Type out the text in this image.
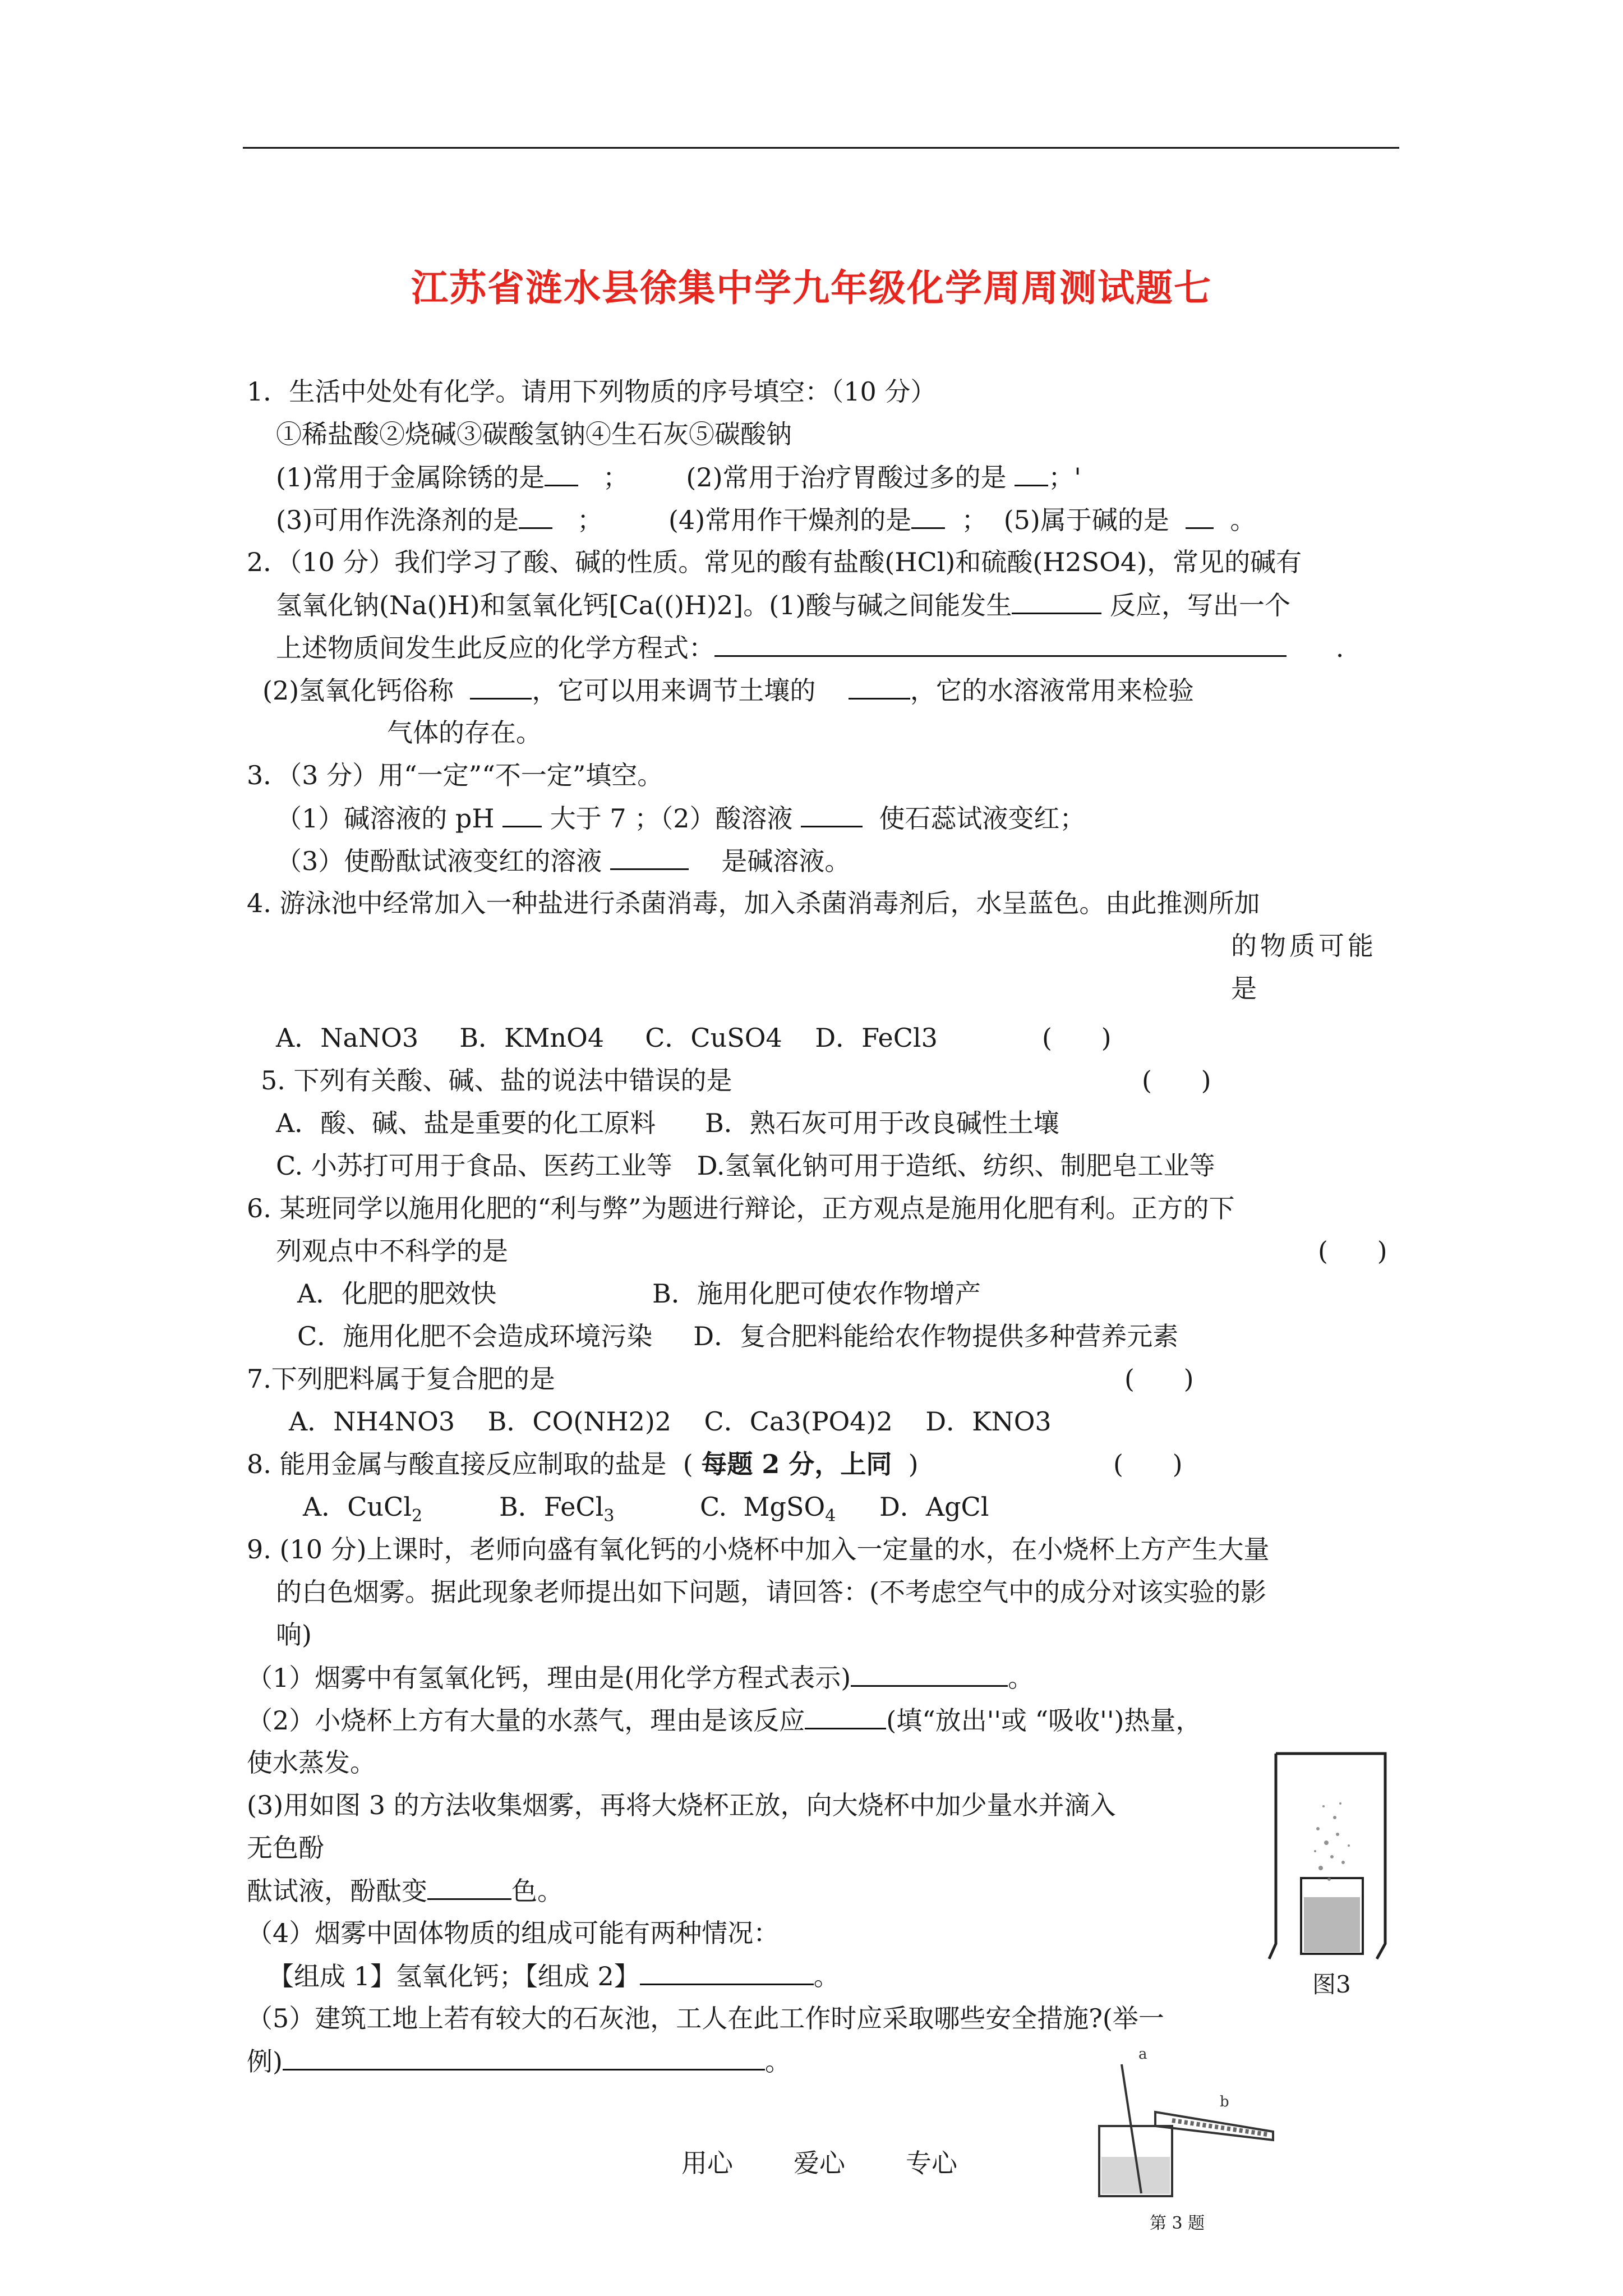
江苏省涟水县徐集中学九年级化学周周测试题七
1．生活中处处有化学。请用下列物质的序号填空：（10 分）
①稀盐酸②烧碱③碳酸氢钠④生石灰⑤碳酸钠
(1)常用于金属除锈的是 ； (2)常用于治疗胃酸过多的是 ；'
(3)可用作洗涤剂的是 ；	(4)常用作干燥剂的是 ； (5)属于碱的是 。
2．（10 分）我们学习了酸、碱的性质。常见的酸有盐酸(HCl)和硫酸(H2SO4)，常见的碱有
氢氧化钠(Na()H)和氢氧化钙[Ca(()H)2]。(1)酸与碱之间能发生	反应，写出一个
上述物质间发生此反应的化学方程式：	.
(2)氢氧化钙俗称	，它可以用来调节土壤的	，它的水溶液常用来检验
气体的存在。
3．（3 分）用“一定”“不一定”填空。
（1）碱溶液的 pH 大于 7 ；（2）酸溶液	使石蕊试液变红；
（3）使酚酞试液变红的溶液	是碱溶液。
4. 游泳池中经常加入一种盐进行杀菌消毒，加入杀菌消毒剂后，水呈蓝色。由此推测所加
的物质可能
是
A．NaNO3     B．KMnO4     C．CuSO4    D．FeCl3	(      )
5. 下列有关酸、碱、盐的说法中错误的是	(      )
A．酸、碱、盐是重要的化工原料      B．熟石灰可用于改良碱性土壤
C. 小苏打可用于食品、医药工业等   D.氢氧化钠可用于造纸、纺织、制肥皂工业等
6. 某班同学以施用化肥的“利与弊”为题进行辩论，正方观点是施用化肥有利。正方的下
列观点中不科学的是	(      )
A．化肥的肥效快                   B．施用化肥可使农作物增产
C．施用化肥不会造成环境污染     D．复合肥料能给农作物提供多种营养元素
7.下列肥料属于复合肥的是	(      )
A．NH4NO3    B．CO(NH2)2    C．Ca3(PO4)2    D．KNO3
8. 能用金属与酸直接反应制取的盐是  ( 每题 2 分，上同 )	(      )
A．CuCl$_2$	B．FeCl$_3$	C.  MgSO$_4$ D．AgCl
9. (10 分)上课时，老师向盛有氧化钙的小烧杯中加入一定量的水，在小烧杯上方产生大量
的白色烟雾。据此现象老师提出如下问题，请回答：(不考虑空气中的成分对该实验的影
响)
（1）烟雾中有氢氧化钙，理由是(用化学方程式表示)	。
（2）小烧杯上方有大量的水蒸气，理由是该反应	(填“放出''或 “吸收'')热量，
使水蒸发。
(3)用如图 3 的方法收集烟雾，再将大烧杯正放，向大烧杯中加少量水并滴入
无色酚
酞试液，酚酞变	色。
（4）烟雾中固体物质的组成可能有两种情况：
【组成 1】氢氧化钙；【组成 2】	。
（5）建筑工地上若有较大的石灰池，工人在此工作时应采取哪些安全措施?(举一
例)	。
图3
a
b
第 3 题
用心 爱心 专心
